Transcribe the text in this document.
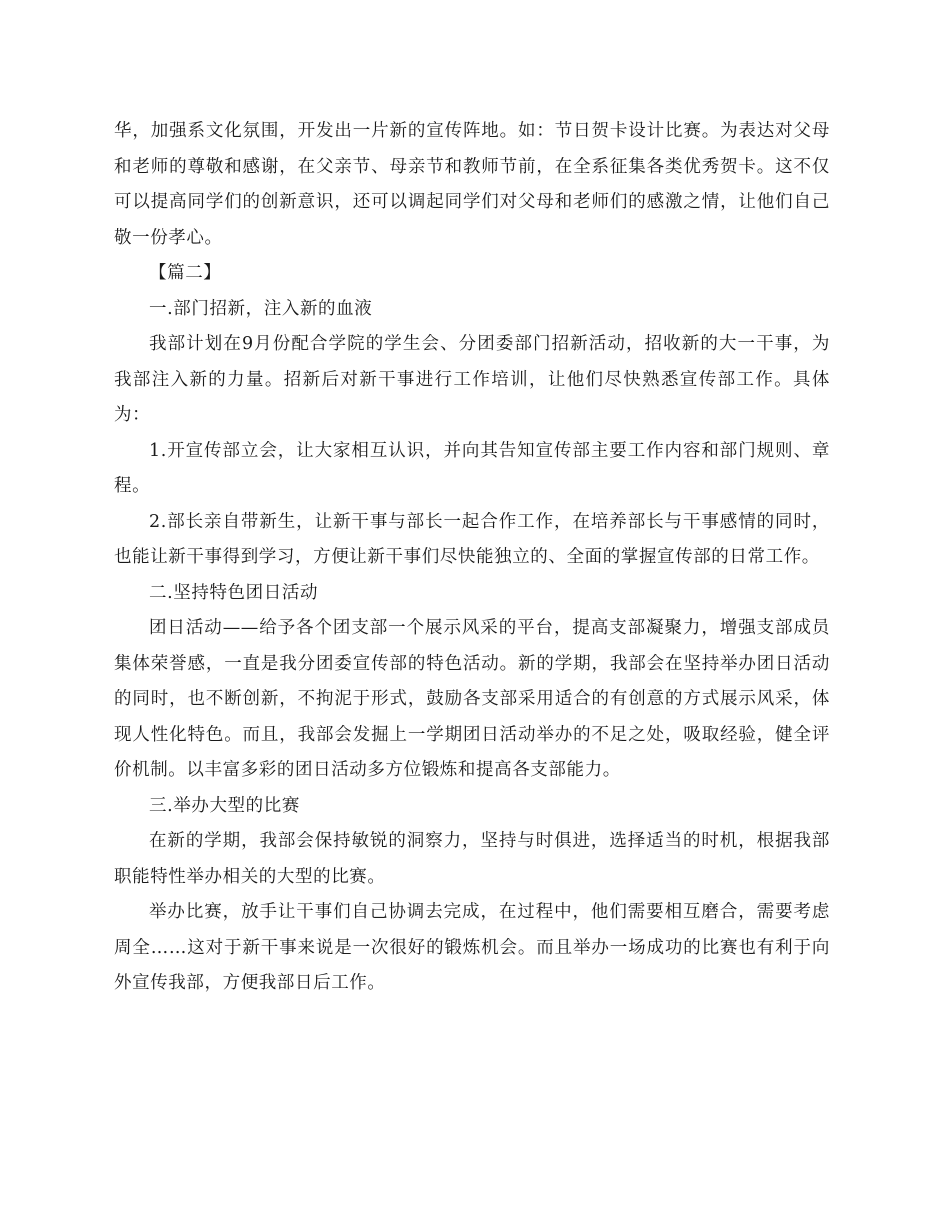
华，加强系文化氛围，开发出一片新的宣传阵地。如：节日贺卡设计比赛。为表达对父母和老师的尊敬和感谢，在父亲节、母亲节和教师节前，在全系征集各类优秀贺卡。这不仅可以提高同学们的创新意识，还可以调起同学们对父母和老师们的感激之情，让他们自己敬一份孝心。

【篇二】

一.部门招新，注入新的血液

我部计划在9月份配合学院的学生会、分团委部门招新活动，招收新的大一干事，为我部注入新的力量。招新后对新干事进行工作培训，让他们尽快熟悉宣传部工作。具体为：

1.开宣传部立会，让大家相互认识，并向其告知宣传部主要工作内容和部门规则、章程。

2.部长亲自带新生，让新干事与部长一起合作工作，在培养部长与干事感情的同时，也能让新干事得到学习，方便让新干事们尽快能独立的、全面的掌握宣传部的日常工作。

二.坚持特色团日活动

团日活动——给予各个团支部一个展示风采的平台，提高支部凝聚力，增强支部成员集体荣誉感，一直是我分团委宣传部的特色活动。新的学期，我部会在坚持举办团日活动的同时，也不断创新，不拘泥于形式，鼓励各支部采用适合的有创意的方式展示风采，体现人性化特色。而且，我部会发掘上一学期团日活动举办的不足之处，吸取经验，健全评价机制。以丰富多彩的团日活动多方位锻炼和提高各支部能力。

三.举办大型的比赛

在新的学期，我部会保持敏锐的洞察力，坚持与时俱进，选择适当的时机，根据我部职能特性举办相关的大型的比赛。

举办比赛，放手让干事们自己协调去完成，在过程中，他们需要相互磨合，需要考虑周全……这对于新干事来说是一次很好的锻炼机会。而且举办一场成功的比赛也有利于向外宣传我部，方便我部日后工作。
